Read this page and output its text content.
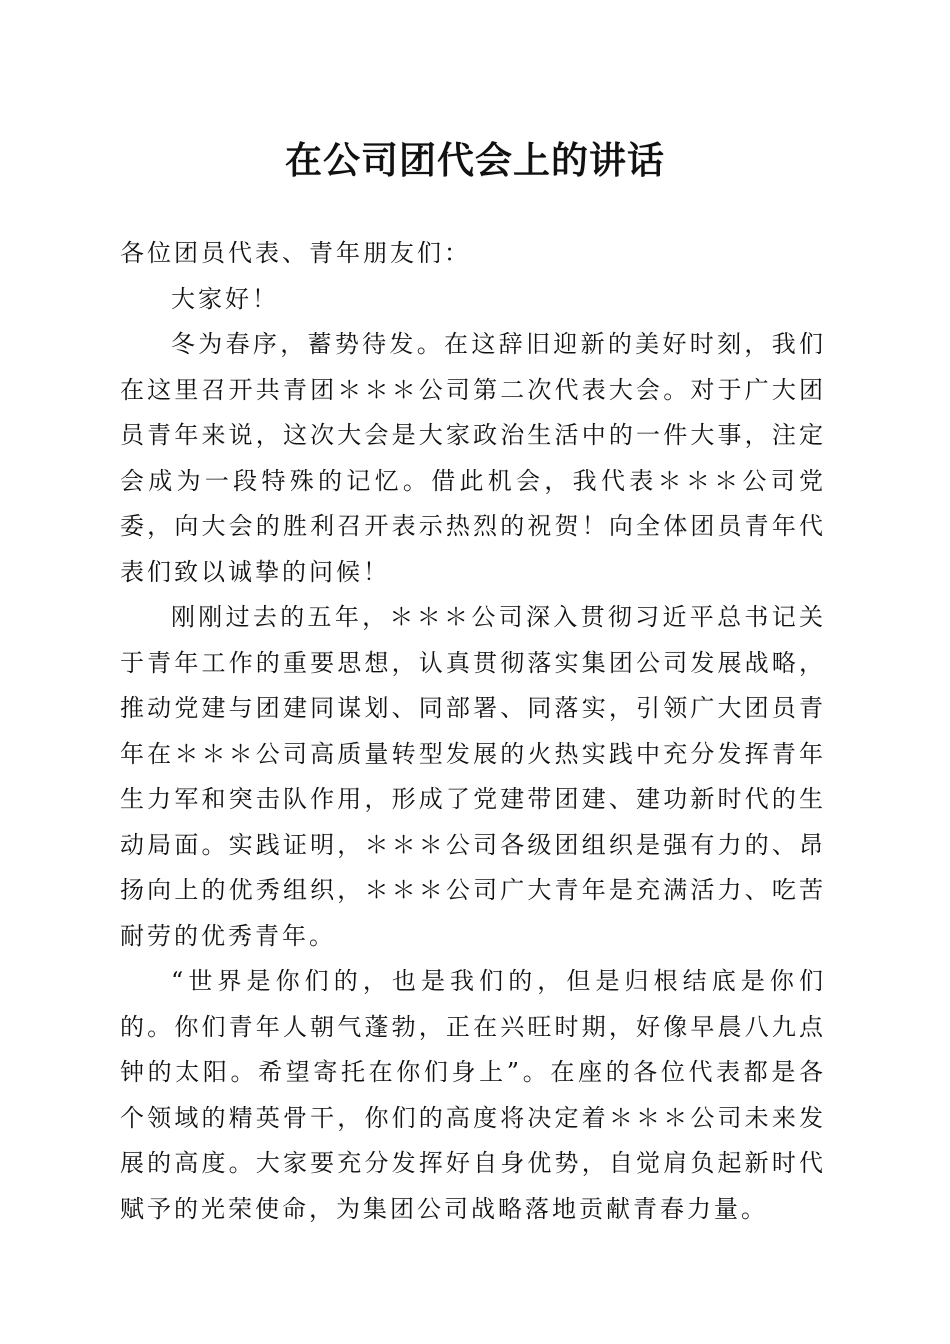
在公司团代会上的讲话

各位团员代表、青年朋友们：

大家好！

冬为春序，蓄势待发。在这辞旧迎新的美好时刻，我们在这里召开共青团＊＊＊公司第二次代表大会。对于广大团员青年来说，这次大会是大家政治生活中的一件大事，注定会成为一段特殊的记忆。借此机会，我代表＊＊＊公司党委，向大会的胜利召开表示热烈的祝贺！向全体团员青年代表们致以诚挚的问候！

刚刚过去的五年，＊＊＊公司深入贯彻习近平总书记关于青年工作的重要思想，认真贯彻落实集团公司发展战略，推动党建与团建同谋划、同部署、同落实，引领广大团员青年在＊＊＊公司高质量转型发展的火热实践中充分发挥青年生力军和突击队作用，形成了党建带团建、建功新时代的生动局面。实践证明，＊＊＊公司各级团组织是强有力的、昂扬向上的优秀组织，＊＊＊公司广大青年是充满活力、吃苦耐劳的优秀青年。

“世界是你们的，也是我们的，但是归根结底是你们的。你们青年人朝气蓬勃，正在兴旺时期，好像早晨八九点钟的太阳。希望寄托在你们身上”。在座的各位代表都是各个领域的精英骨干，你们的高度将决定着＊＊＊公司未来发展的高度。大家要充分发挥好自身优势，自觉肩负起新时代赋予的光荣使命，为集团公司战略落地贡献青春力量。
